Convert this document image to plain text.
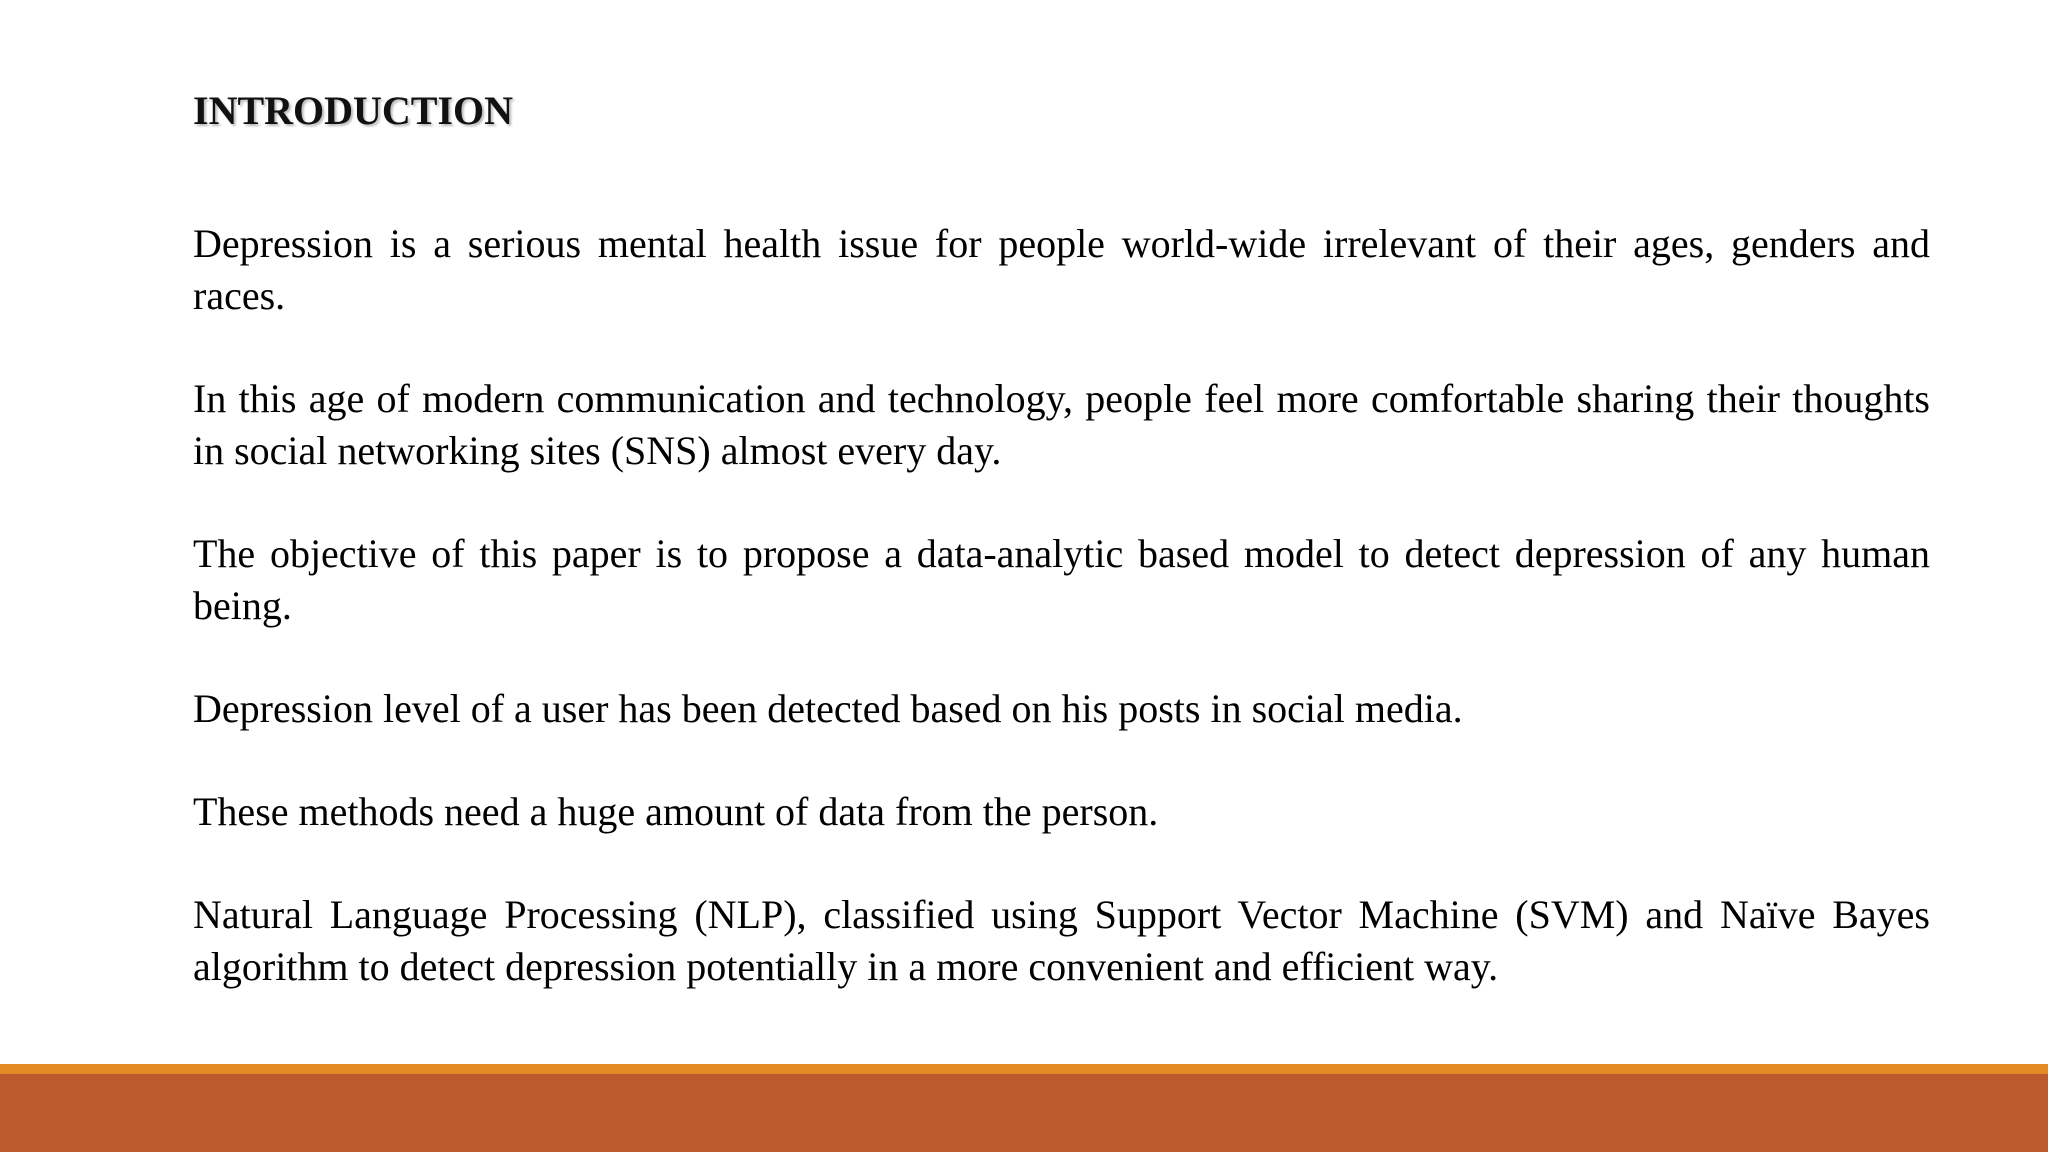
INTRODUCTION

Depression is a serious mental health issue for people world-wide irrelevant of their ages, genders and races.

In this age of modern communication and technology, people feel more comfortable sharing their thoughts in social networking sites (SNS) almost every day.

The objective of this paper is to propose a data-analytic based model to detect depression of any human being.

Depression level of a user has been detected based on his posts in social media.

These methods need a huge amount of data from the person.

Natural Language Processing (NLP), classified using Support Vector Machine (SVM) and Naïve Bayes algorithm to detect depression potentially in a more convenient and efficient way.
